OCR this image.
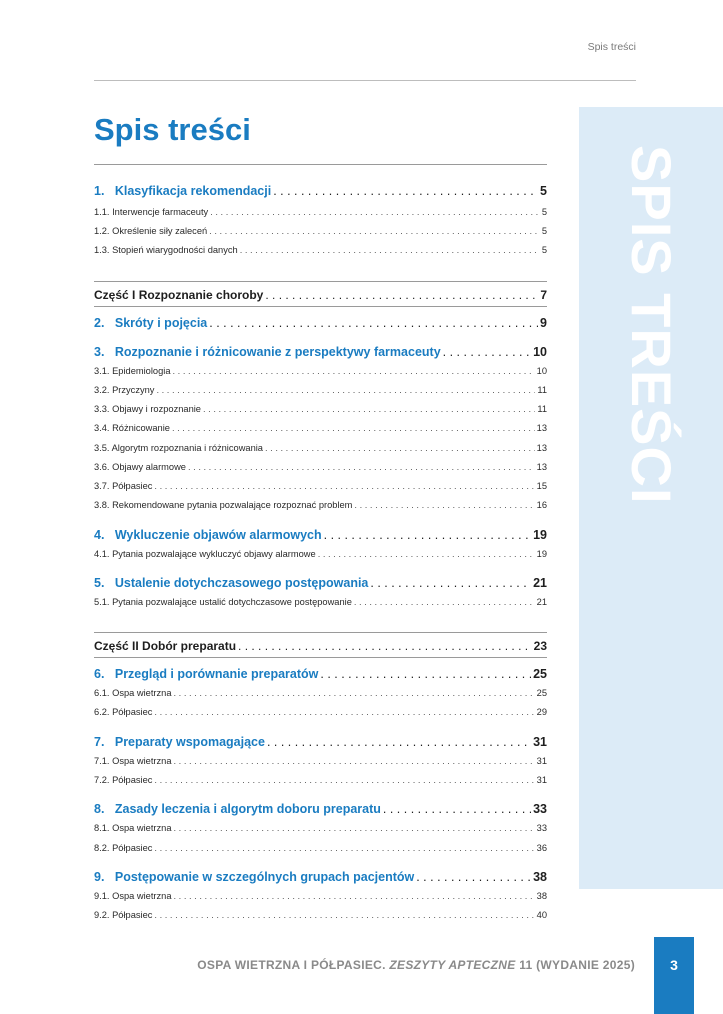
Spis treści
SPIS TREŚCI
Spis treści
1. Klasyfikacja rekomendacji . . .	5
1.1. Interwencje farmaceuty . . .	5
1.2. Określenie siły zaleceń . . .	5
1.3. Stopień wiarygodności danych . . .	5
Część I Rozpoznanie choroby . . .	7
2. Skróty i pojęcia . . .	9
3. Rozpoznanie i różnicowanie z perspektywy farmaceuty . . .	10
3.1. Epidemiologia . . .	10
3.2. Przyczyny . . .	11
3.3. Objawy i rozpoznanie . . .	11
3.4. Różnicowanie . . .	13
3.5. Algorytm rozpoznania i różnicowania . . .	13
3.6. Objawy alarmowe . . .	13
3.7. Półpasiec . . .	15
3.8. Rekomendowane pytania pozwalające rozpoznać problem . . .	16
4. Wykluczenie objawów alarmowych . . .	19
4.1. Pytania pozwalające wykluczyć objawy alarmowe . . .	19
5. Ustalenie dotychczasowego postępowania . . .	21
5.1. Pytania pozwalające ustalić dotychczasowe postępowanie . . .	21
Część II Dobór preparatu . . .	23
6. Przegląd i porównanie preparatów . . .	25
6.1. Ospa wietrzna . . .	25
6.2. Półpasiec . . .	29
7. Preparaty wspomagające . . .	31
7.1. Ospa wietrzna . . .	31
7.2. Półpasiec . . .	31
8. Zasady leczenia i algorytm doboru preparatu . . .	33
8.1. Ospa wietrzna . . .	33
8.2. Półpasiec . . .	36
9. Postępowanie w szczególnych grupach pacjentów . . .	38
9.1. Ospa wietrzna . . .	38
9.2. Półpasiec . . .	40
OSPA WIETRZNA I PÓŁPASIEC. ZESZYTY APTECZNE 11 (WYDANIE 2025)	3
